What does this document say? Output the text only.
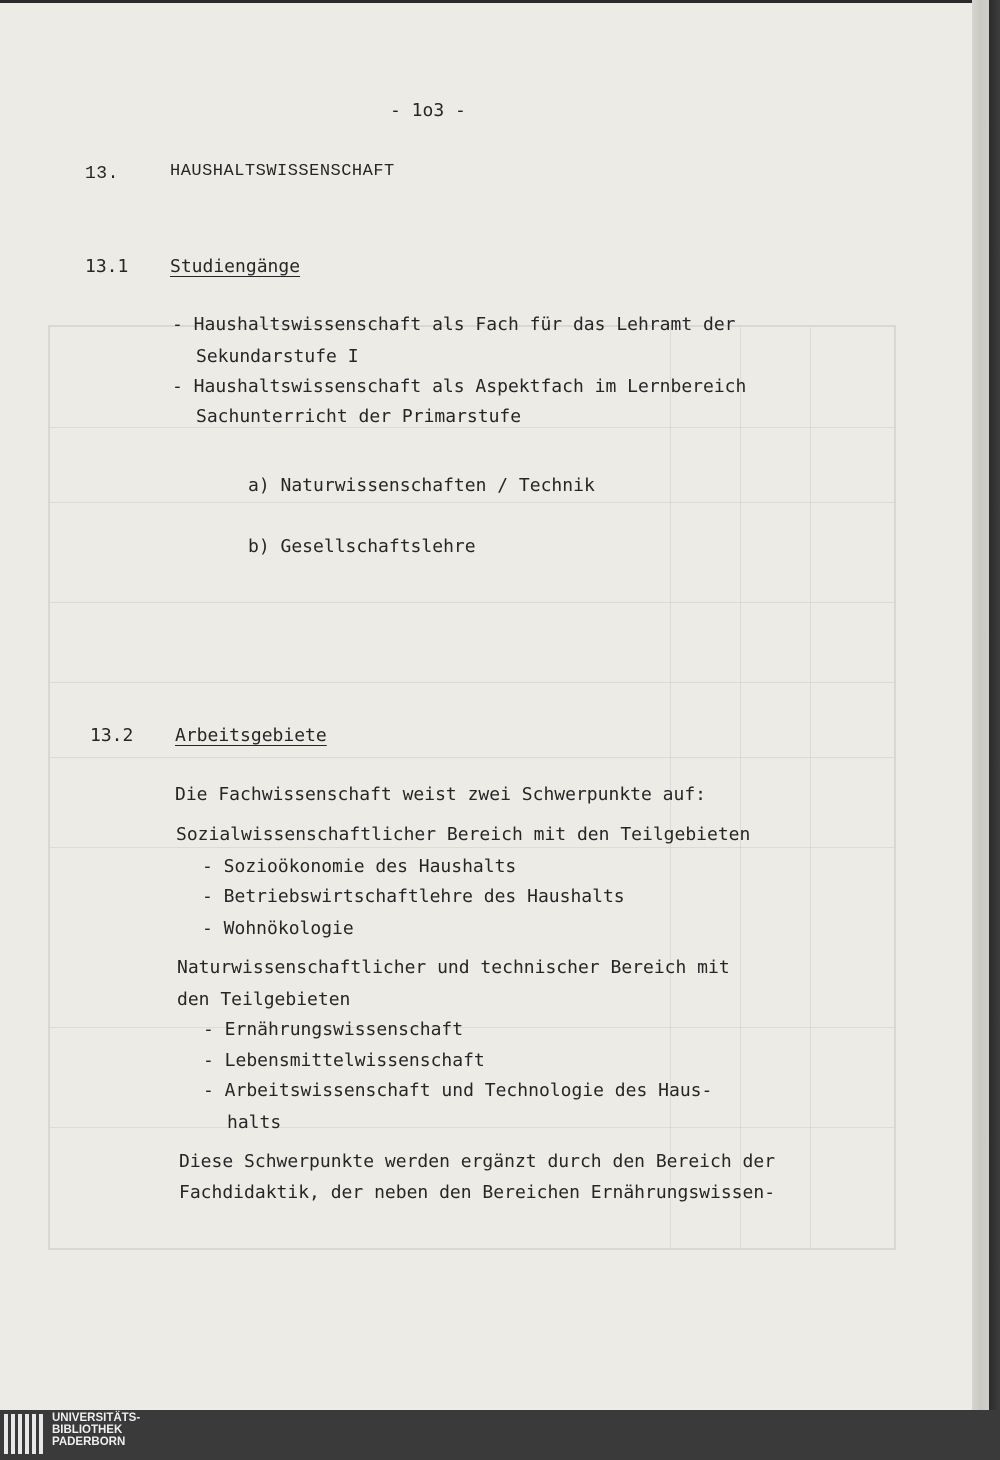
- 1o3 -
13.	HAUSHALTSWISSENSCHAFT
13.1 Studiengänge
- Haushaltswissenschaft als Fach für das Lehramt der
Sekundarstufe I
- Haushaltswissenschaft als Aspektfach im Lernbereich
Sachunterricht der Primarstufe
a) Naturwissenschaften / Technik
b) Gesellschaftslehre
13.2 Arbeitsgebiete
Die Fachwissenschaft weist zwei Schwerpunkte auf:
Sozialwissenschaftlicher Bereich mit den Teilgebieten
- Sozioökonomie des Haushalts
- Betriebswirtschaftlehre des Haushalts
- Wohnökologie
Naturwissenschaftlicher und technischer Bereich mit
den Teilgebieten
- Ernährungswissenschaft
- Lebensmittelwissenschaft
- Arbeitswissenschaft und Technologie des Haus-
halts
Diese Schwerpunkte werden ergänzt durch den Bereich der
Fachdidaktik, der neben den Bereichen Ernährungswissen-
UNIVERSITÄTS-
BIBLIOTHEK
PADERBORN
